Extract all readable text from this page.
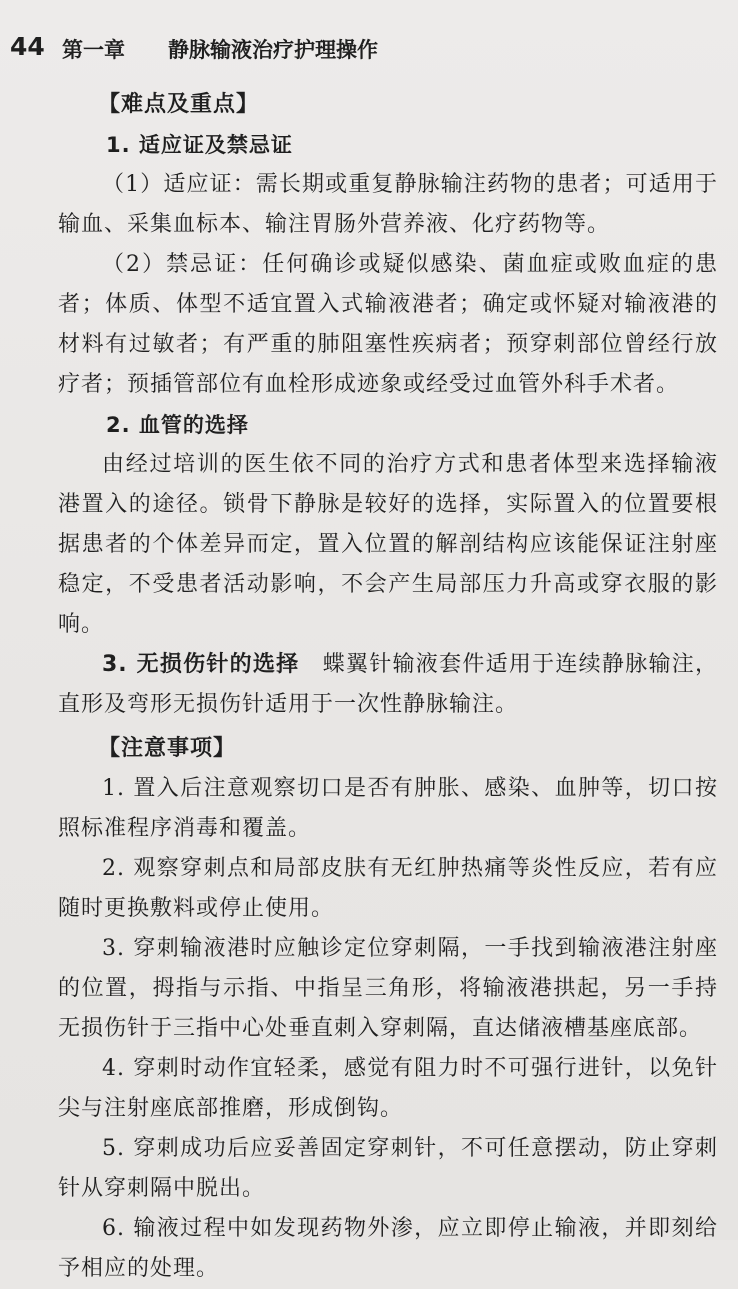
44 第一章 静脉输液治疗护理操作
【难点及重点】
1. 适应证及禁忌证
（1）适应证：需长期或重复静脉输注药物的患者；可适用于输血、采集血标本、输注胃肠外营养液、化疗药物等。
（2）禁忌证：任何确诊或疑似感染、菌血症或败血症的患者；体质、体型不适宜置入式输液港者；确定或怀疑对输液港的材料有过敏者；有严重的肺阻塞性疾病者；预穿刺部位曾经行放疗者；预插管部位有血栓形成迹象或经受过血管外科手术者。
2. 血管的选择
由经过培训的医生依不同的治疗方式和患者体型来选择输液港置入的途径。锁骨下静脉是较好的选择，实际置入的位置要根据患者的个体差异而定，置入位置的解剖结构应该能保证注射座稳定，不受患者活动影响，不会产生局部压力升高或穿衣服的影响。
3. 无损伤针的选择　 蝶翼针输液套件适用于连续静脉输注，直形及弯形无损伤针适用于一次性静脉输注。
【注意事项】
1. 置入后注意观察切口是否有肿胀、感染、血肿等，切口按照标准程序消毒和覆盖。
2. 观察穿刺点和局部皮肤有无红肿热痛等炎性反应，若有应随时更换敷料或停止使用。
3. 穿刺输液港时应触诊定位穿刺隔，一手找到输液港注射座的位置，拇指与示指、中指呈三角形，将输液港拱起，另一手持无损伤针于三指中心处垂直刺入穿刺隔，直达储液槽基座底部。
4. 穿刺时动作宜轻柔，感觉有阻力时不可强行进针，以免针尖与注射座底部推磨，形成倒钩。
5. 穿刺成功后应妥善固定穿刺针，不可任意摆动，防止穿刺针从穿刺隔中脱出。
6. 输液过程中如发现药物外渗，应立即停止输液，并即刻给予相应的处理。
